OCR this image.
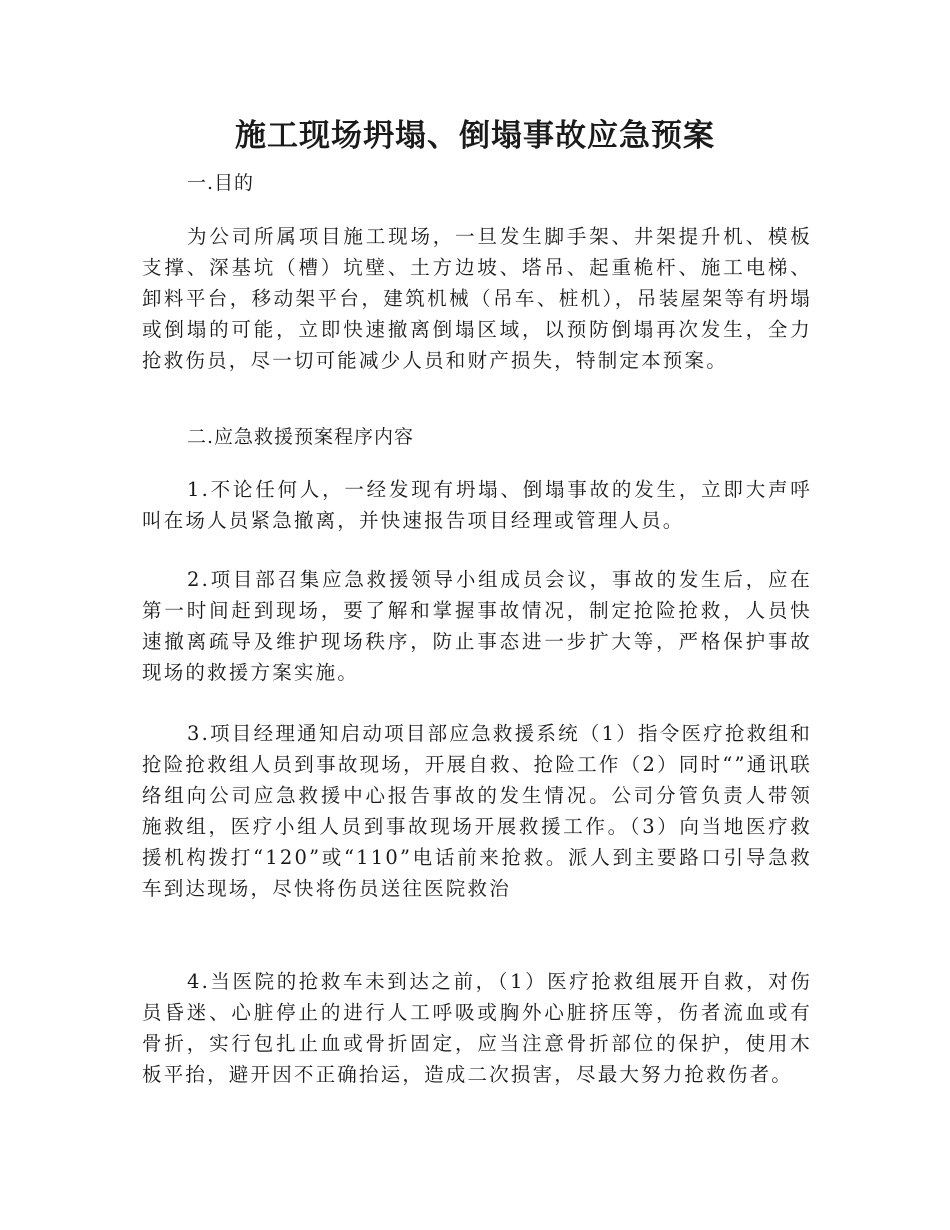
施工现场坍塌、倒塌事故应急预案
一.目的
为公司所属项目施工现场，一旦发生脚手架、井架提升机、模板支撑、深基坑（槽）坑壁、土方边坡、塔吊、起重桅杆、施工电梯、卸料平台，移动架平台，建筑机械（吊车、桩机），吊装屋架等有坍塌或倒塌的可能，立即快速撤离倒塌区域，以预防倒塌再次发生，全力抢救伤员，尽一切可能减少人员和财产损失，特制定本预案。
二.应急救援预案程序内容
1.不论任何人，一经发现有坍塌、倒塌事故的发生，立即大声呼叫在场人员紧急撤离，并快速报告项目经理或管理人员。
2.项目部召集应急救援领导小组成员会议，事故的发生后，应在第一时间赶到现场，要了解和掌握事故情况，制定抢险抢救，人员快速撤离疏导及维护现场秩序，防止事态进一步扩大等，严格保护事故现场的救援方案实施。
3.项目经理通知启动项目部应急救援系统（1）指令医疗抢救组和抢险抢救组人员到事故现场，开展自救、抢险工作（2）同时“”通讯联络组向公司应急救援中心报告事故的发生情况。公司分管负责人带领施救组，医疗小组人员到事故现场开展救援工作。（3）向当地医疗救援机构拨打“120”或“110”电话前来抢救。派人到主要路口引导急救车到达现场，尽快将伤员送往医院救治
4.当医院的抢救车未到达之前，（1）医疗抢救组展开自救，对伤员昏迷、心脏停止的进行人工呼吸或胸外心脏挤压等，伤者流血或有骨折，实行包扎止血或骨折固定，应当注意骨折部位的保护，使用木板平抬，避开因不正确抬运，造成二次损害，尽最大努力抢救伤者。
